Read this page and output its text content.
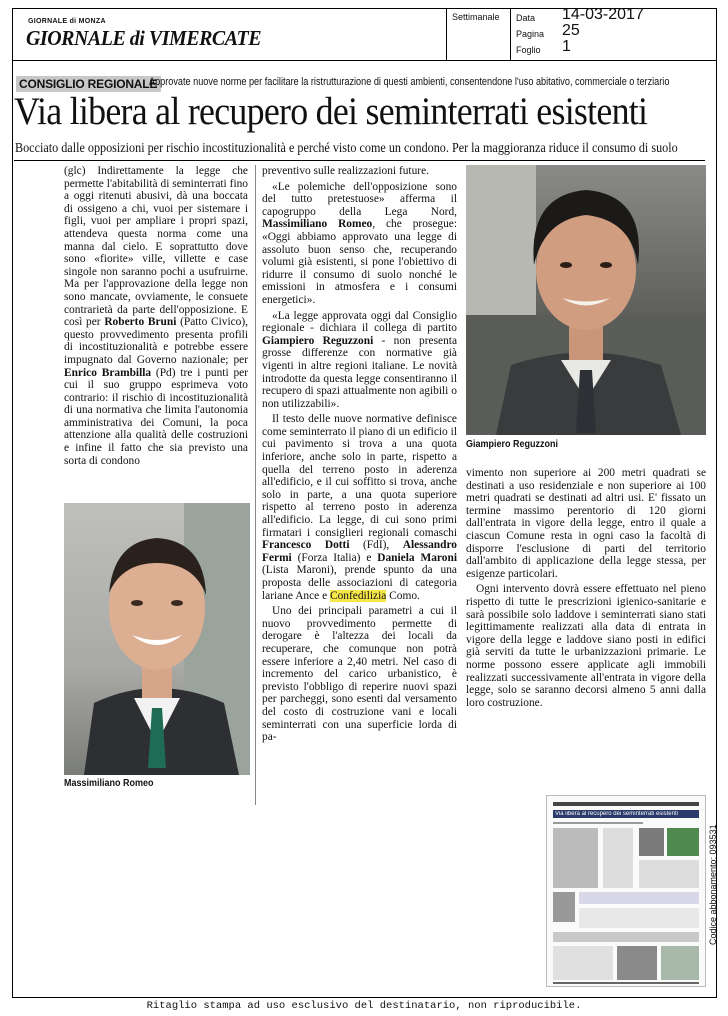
GIORNALE di MONZA
GIORNALE di VIMERCATE
Settimanale Data 14-03-2017
Pagina 25
Foglio 1
CONSIGLIO REGIONALE
Approvate nuove norme per facilitare la ristrutturazione di questi ambienti, consentendone l'uso abitativo, commerciale o terziario
Via libera al recupero dei seminterrati esistenti
Bocciato dalle opposizioni per rischio incostituzionalità e perché visto come un condono. Per la maggioranza riduce il consumo di suolo

(glc) Indirettamente la legge che permette l'abitabilità di seminterrati fino a oggi ritenuti abusivi, dà una boccata di ossigeno a chi, vuoi per sistemare i figli, vuoi per ampliare i propri spazi, attendeva questa norma come una manna dal cielo. E soprattutto dove sono «fiorite» ville, villette e case singole non saranno pochi a usufruirne. Ma per l'approvazione della legge non sono mancate, ovviamente, le consuete contrarietà da parte dell'opposizione. E così per Roberto Bruni (Patto Civico), questo provvedimento presenta profili di incostituzionalità e potrebbe essere impugnato dal Governo nazionale; per Enrico Brambilla (Pd) tre i punti per cui il suo gruppo esprimeva voto contrario: il rischio di incostituzionalità di una normativa che limita l'autonomia amministrativa dei Comuni, la poca attenzione alla qualità delle costruzioni e infine il fatto che sia previsto una sorta di condono

Massimiliano Romeo

preventivo sulle realizzazioni future.

«Le polemiche dell'opposizione sono del tutto pretestuose» afferma il capogruppo della Lega Nord, Massimiliano Romeo, che prosegue: «Oggi abbiamo approvato una legge di assoluto buon senso che, recuperando volumi già esistenti, si pone l'obiettivo di ridurre il consumo di suolo nonché le emissioni in atmosfera e i consumi energetici».

«La legge approvata oggi dal Consiglio regionale - dichiara il collega di partito Giampiero Reguzzoni - non presenta grosse differenze con normative già vigenti in altre regioni italiane. Le novità introdotte da questa legge consentiranno il recupero di spazi attualmente non agibili o non utilizzabili».

Il testo delle nuove normative definisce come seminterrato il piano di un edificio il cui pavimento si trova a una quota inferiore, anche solo in parte, rispetto a quella del terreno posto in aderenza all'edificio, e il cui soffitto si trova, anche solo in parte, a una quota superiore rispetto al terreno posto in aderenza all'edificio. La legge, di cui sono primi firmatari i consiglieri regionali comaschi Francesco Dotti (FdI), Alessandro Fermi (Forza Italia) e Daniela Maroni (Lista Maroni), prende spunto da una proposta delle associazioni di categoria lariane Ance e Confedilizia Como.

Uno dei principali parametri a cui il nuovo provvedimento permette di derogare è l'altezza dei locali da recuperare, che comunque non potrà essere inferiore a 2,40 metri. Nel caso di incremento del carico urbanistico, è previsto l'obbligo di reperire nuovi spazi per parcheggi, sono esenti dal versamento del costo di costruzione vani e locali seminterrati con una superficie lorda di pa-

Giampiero Reguzzoni

vimento non superiore ai 200 metri quadrati se destinati a uso residenziale e non superiore ai 100 metri quadrati se destinati ad altri usi. E' fissato un termine massimo perentorio di 120 giorni dall'entrata in vigore della legge, entro il quale a ciascun Comune resta in ogni caso la facoltà di disporre l'esclusione di parti del territorio dall'ambito di applicazione della legge stessa, per esigenze particolari.

Ogni intervento dovrà essere effettuato nel pieno rispetto di tutte le prescrizioni igienico-sanitarie e sarà possibile solo laddove i seminterrati siano stati legittimamente realizzati alla data di entrata in vigore della legge e laddove siano posti in edifici già serviti da tutte le urbanizzazioni primarie. Le norme possono essere applicate agli immobili realizzati successivamente all'entrata in vigore della legge, solo se saranno decorsi almeno 5 anni dalla loro costruzione.

Via libera al recupero dei seminterrati esistenti
Codice abbonamento: 093531
Ritaglio stampa ad uso esclusivo del destinatario, non riproducibile.
